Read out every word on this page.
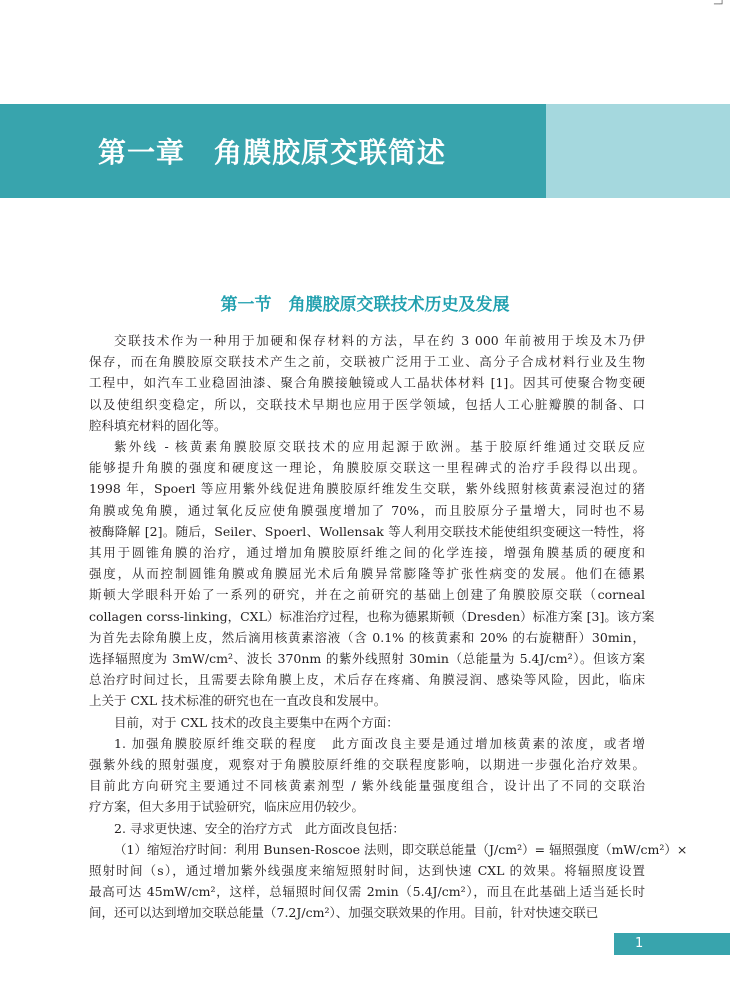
─┘
第一章　角膜胶原交联简述
第一节　角膜胶原交联技术历史及发展

交联技术作为一种用于加硬和保存材料的方法，早在约 3 000 年前被用于埃及木乃伊
保存，而在角膜胶原交联技术产生之前，交联被广泛用于工业、高分子合成材料行业及生物
工程中，如汽车工业稳固油漆、聚合角膜接触镜或人工晶状体材料 [1]。因其可使聚合物变硬
以及使组织变稳定，所以，交联技术早期也应用于医学领域，包括人工心脏瓣膜的制备、口
腔科填充材料的固化等。

紫外线 - 核黄素角膜胶原交联技术的应用起源于欧洲。基于胶原纤维通过交联反应
能够提升角膜的强度和硬度这一理论，角膜胶原交联这一里程碑式的治疗手段得以出现。
1998 年，Spoerl 等应用紫外线促进角膜胶原纤维发生交联，紫外线照射核黄素浸泡过的猪
角膜或兔角膜，通过氧化反应使角膜强度增加了 70%，而且胶原分子量增大，同时也不易
被酶降解 [2]。随后，Seiler、Spoerl、Wollensak 等人利用交联技术能使组织变硬这一特性，将
其用于圆锥角膜的治疗，通过增加角膜胶原纤维之间的化学连接，增强角膜基质的硬度和
强度，从而控制圆锥角膜或角膜屈光术后角膜异常膨隆等扩张性病变的发展。他们在德累
斯顿大学眼科开始了一系列的研究，并在之前研究的基础上创建了角膜胶原交联（corneal
collagen corss-linking，CXL）标准治疗过程，也称为德累斯顿（Dresden）标准方案 [3]。该方案
为首先去除角膜上皮，然后滴用核黄素溶液（含 0.1% 的核黄素和 20% 的右旋糖酐）30min，
选择辐照度为 3mW/cm²、波长 370nm 的紫外线照射 30min（总能量为 5.4J/cm²）。但该方案
总治疗时间过长，且需要去除角膜上皮，术后存在疼痛、角膜浸润、感染等风险，因此，临床
上关于 CXL 技术标准的研究也在一直改良和发展中。

目前，对于 CXL 技术的改良主要集中在两个方面：

1. 加强角膜胶原纤维交联的程度　此方面改良主要是通过增加核黄素的浓度，或者增
强紫外线的照射强度，观察对于角膜胶原纤维的交联程度影响，以期进一步强化治疗效果。
目前此方向研究主要通过不同核黄素剂型 / 紫外线能量强度组合，设计出了不同的交联治
疗方案，但大多用于试验研究，临床应用仍较少。

2. 寻求更快速、安全的治疗方式　此方面改良包括：

（1）缩短治疗时间：利用 Bunsen-Roscoe 法则，即交联总能量（J/cm²）= 辐照强度（mW/cm²）×
照射时间（s），通过增加紫外线强度来缩短照射时间，达到快速 CXL 的效果。将辐照度设置
最高可达 45mW/cm²，这样，总辐照时间仅需 2min（5.4J/cm²），而且在此基础上适当延长时
间，还可以达到增加交联总能量（7.2J/cm²）、加强交联效果的作用。目前，针对快速交联已

1
